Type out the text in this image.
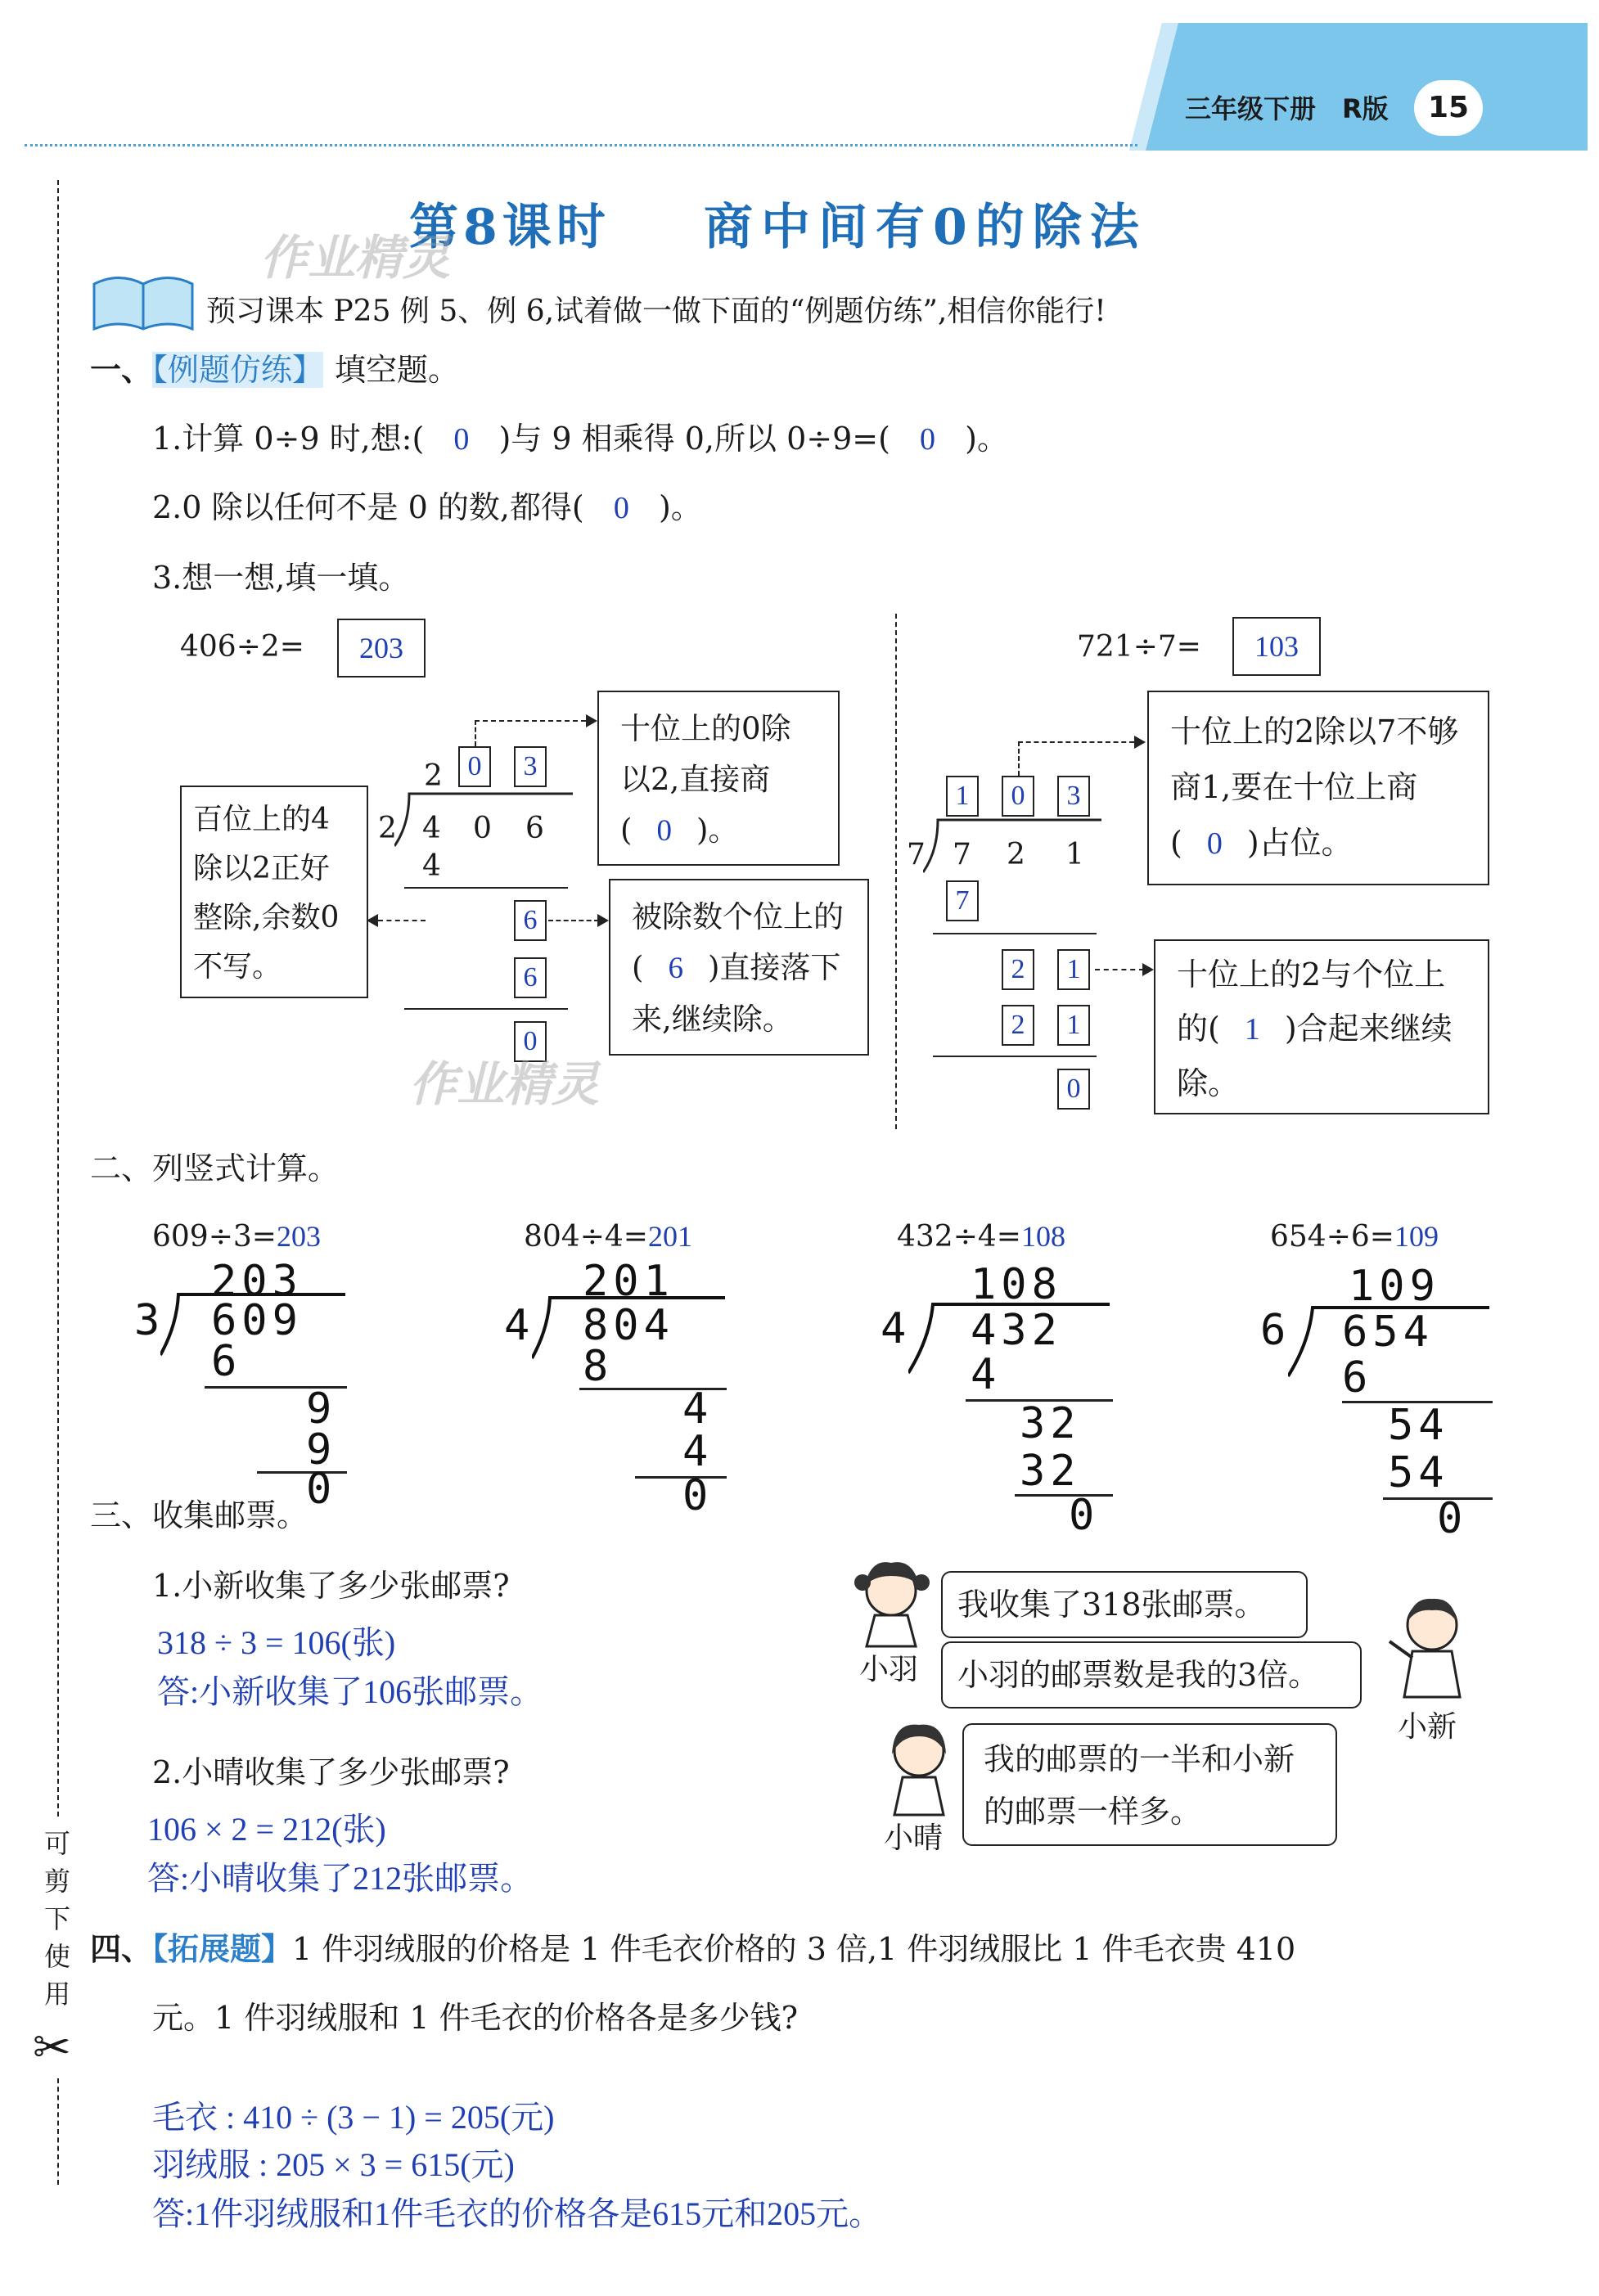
三年级下册 R版	15
可
剪
下
使
用
✂
第8课时 商中间有0的除法
作业精灵
预习课本 P25 例 5、例 6,试着做一做下面的“例题仿练”,相信你能行!
一、【例题仿练】 填空题。
1.计算 0÷9 时,想:( 0 )与 9 相乘得 0,所以 0÷9=( 0 )。
2.0 除以任何不是 0 的数,都得( 0 )。
3.想一想,填一填。
406÷2=	203
2 0	3
2 4 0 6
4
6
6
0
百位上的4除以2正好整除,余数0不写。
十位上的0除以2,直接商
( 0 )。
被除数个位上的
( 6 )直接落下来,继续除。
作业精灵
721÷7=	103
1	0	3
7 7 2 1
7
2	1
2	1
0
十位上的2除以7不够商1,要在十位上商( 0 )占位。
十位上的2与个位上的( 1 )合起来继续除。
二、列竖式计算。
609÷3=203
203
3 609
6
9
9
0
804÷4=201
201
4 804
8
4
4
0
432÷4=108
108
4 432
4
32
32
0
654÷6=109
109
6 654
6
54
54
0
三、收集邮票。
1.小新收集了多少张邮票?
318 ÷ 3 = 106(张)
答:小新收集了106张邮票。
2.小晴收集了多少张邮票?
106 × 2 = 212(张)
答:小晴收集了212张邮票。
小羽
我收集了318张邮票。
小羽的邮票数是我的3倍。
小新
小晴
我的邮票的一半和小新的邮票一样多。
四、【拓展题】1 件羽绒服的价格是 1 件毛衣价格的 3 倍,1 件羽绒服比 1 件毛衣贵 410
元。1 件羽绒服和 1 件毛衣的价格各是多少钱?
毛衣 : 410 ÷ (3 − 1) = 205(元)
羽绒服 : 205 × 3 = 615(元)
答:1件羽绒服和1件毛衣的价格各是615元和205元。
